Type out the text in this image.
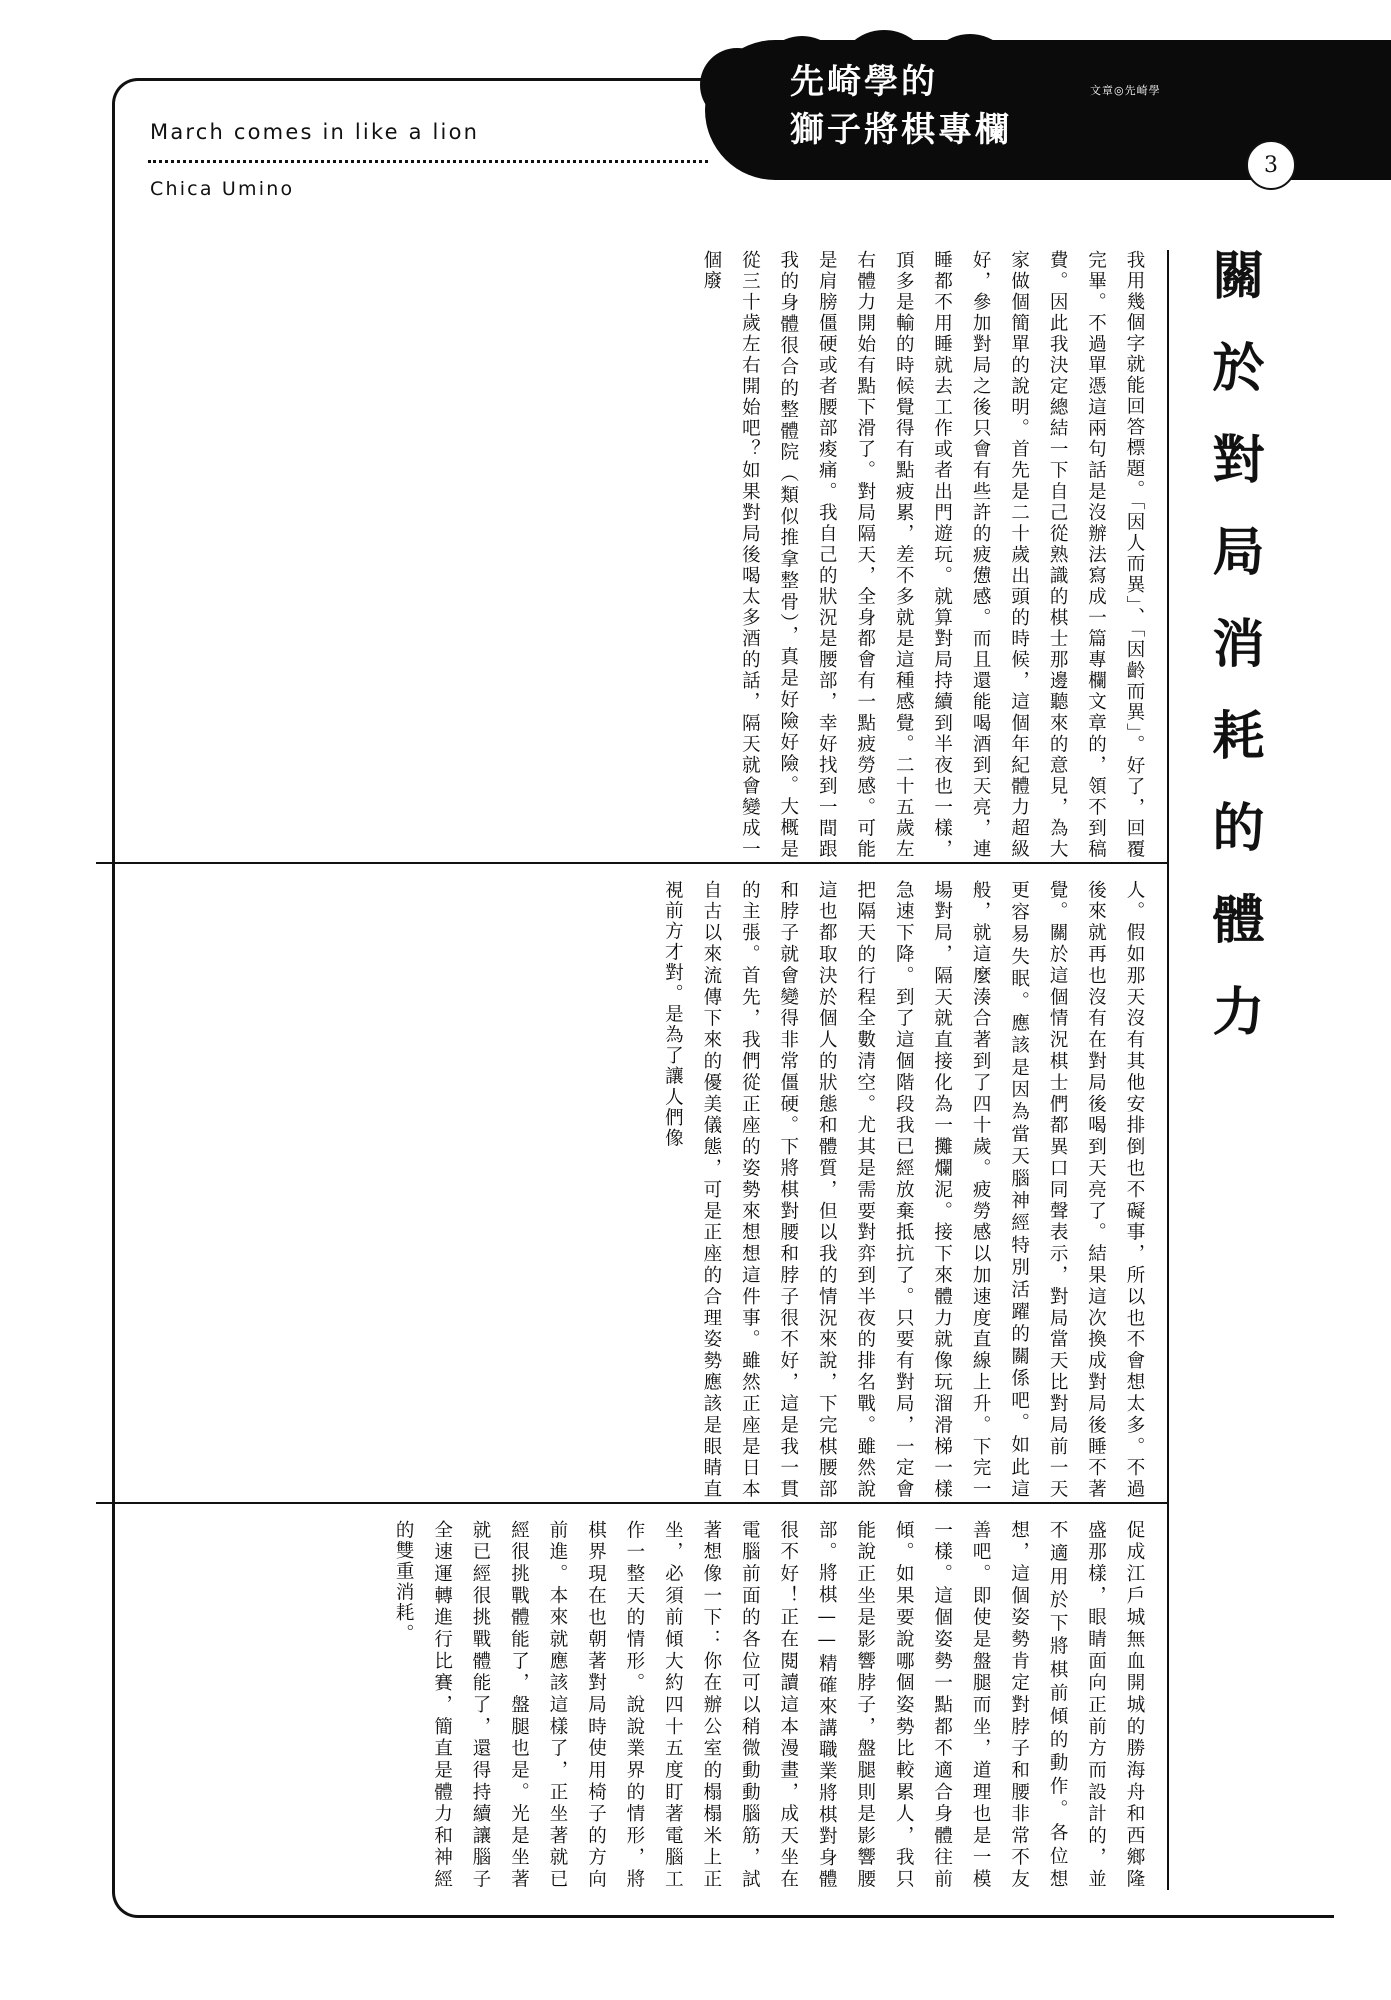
先崎學的
獅子將棋專欄
文章◎先崎學
3
March comes in like a lion
Chica Umino
關於對局消耗的體力
我用幾個字就能回答標題。「因人而異」、「因齡而異」。好了，回覆完畢。不過單憑這兩句話是沒辦法寫成一篇專欄文章的，領不到稿費。因此我決定總結一下自己從熟識的棋士那邊聽來的意見，為大家做個簡單的說明。首先是二十歲出頭的時候，這個年紀體力超級好，參加對局之後只會有些許的疲憊感。而且還能喝酒到天亮，連睡都不用睡就去工作或者出門遊玩。就算對局持續到半夜也一樣，頂多是輸的時候覺得有點疲累，差不多就是這種感覺。二十五歲左右體力開始有點下滑了。對局隔天，全身都會有一點疲勞感。可能是肩膀僵硬或者腰部痠痛。我自己的狀況是腰部，幸好找到一間跟我的身體很合的整體院（類似推拿整骨），真是好險好險。大概是從三十歲左右開始吧？如果對局後喝太多酒的話，隔天就會變成一個廢
人。假如那天沒有其他安排倒也不礙事，所以也不會想太多。不過後來就再也沒有在對局後喝到天亮了。結果這次換成對局後睡不著覺。關於這個情況棋士們都異口同聲表示，對局當天比對局前一天更容易失眠。應該是因為當天腦神經特別活躍的關係吧。如此這般，就這麼湊合著到了四十歲。疲勞感以加速度直線上升。下完一場對局，隔天就直接化為一攤爛泥。接下來體力就像玩溜滑梯一樣急速下降。到了這個階段我已經放棄抵抗了。只要有對局，一定會把隔天的行程全數清空。尤其是需要對弈到半夜的排名戰。雖然說這也都取決於個人的狀態和體質，但以我的情況來說，下完棋腰部和脖子就會變得非常僵硬。下將棋對腰和脖子很不好，這是我一貫的主張。首先，我們從正座的姿勢來想想這件事。雖然正座是日本自古以來流傳下來的優美儀態，可是正座的合理姿勢應該是眼睛直視前方才對。是為了讓人們像
促成江戶城無血開城的勝海舟和西鄉隆盛那樣，眼睛面向正前方而設計的，並不適用於下將棋前傾的動作。各位想想，這個姿勢肯定對脖子和腰非常不友善吧。即使是盤腿而坐，道理也是一模一樣。這個姿勢一點都不適合身體往前傾。如果要說哪個姿勢比較累人，我只能說正坐是影響脖子，盤腿則是影響腰部。將棋——精確來講職業將棋對身體很不好！正在閱讀這本漫畫，成天坐在電腦前面的各位可以稍微動動腦筋，試著想像一下：你在辦公室的榻榻米上正坐，必須前傾大約四十五度盯著電腦工作一整天的情形。說說業界的情形，將棋界現在也朝著對局時使用椅子的方向前進。本來就應該這樣了，正坐著就已經很挑戰體能了，盤腿也是。光是坐著就已經很挑戰體能了，還得持續讓腦子全速運轉進行比賽，簡直是體力和神經的雙重消耗。
